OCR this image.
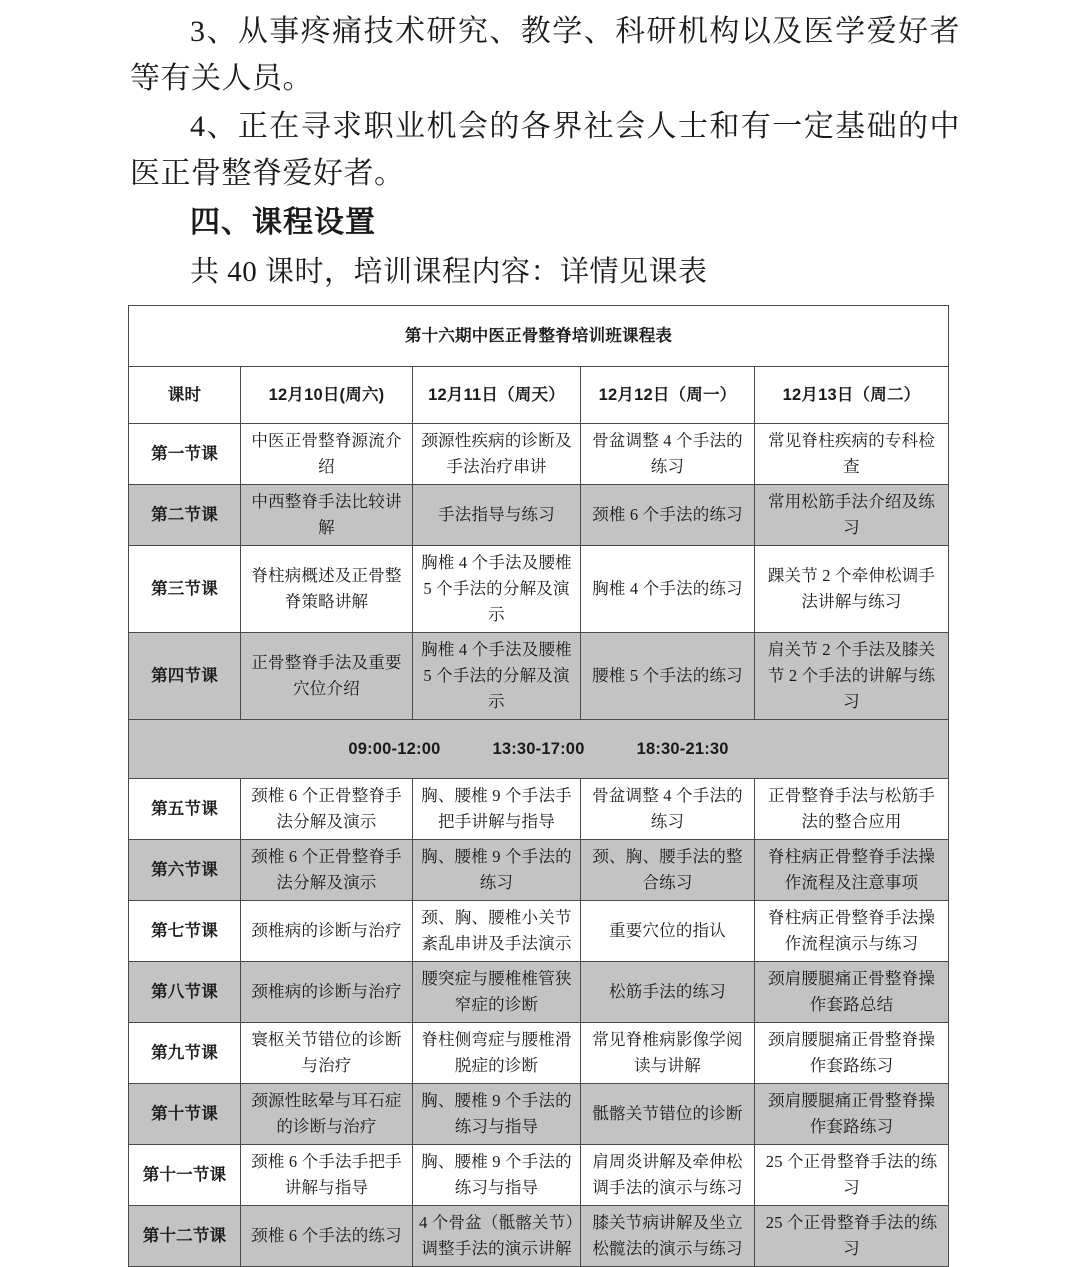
3、从事疼痛技术研究、教学、科研机构以及医学爱好者等有关人员。

4、正在寻求职业机会的各界社会人士和有一定基础的中医正骨整脊爱好者。

四、课程设置

共 40 课时，培训课程内容：详情见课表

第十六期中医正骨整脊培训班课程表				
课时	12月10日(周六)	12月11日（周天）	12月12日（周一）	12月13日（周二）
第一节课	中医正骨整脊源流介绍	颈源性疾病的诊断及手法治疗串讲	骨盆调整 4 个手法的练习	常见脊柱疾病的专科检查
第二节课	中西整脊手法比较讲解	手法指导与练习	颈椎 6 个手法的练习	常用松筋手法介绍及练习
第三节课	脊柱病概述及正骨整脊策略讲解	胸椎 4 个手法及腰椎 5 个手法的分解及演示	胸椎 4 个手法的练习	踝关节 2 个牵伸松调手法讲解与练习
第四节课	正骨整脊手法及重要穴位介绍	胸椎 4 个手法及腰椎 5 个手法的分解及演示	腰椎 5 个手法的练习	肩关节 2 个手法及膝关节 2 个手法的讲解与练习

09:00-12:00 13:30-17:00 18:30-21:30				

第五节课	颈椎 6 个正骨整脊手法分解及演示	胸、腰椎 9 个手法手把手讲解与指导	骨盆调整 4 个手法的练习	正骨整脊手法与松筋手法的整合应用
第六节课	颈椎 6 个正骨整脊手法分解及演示	胸、腰椎 9 个手法的练习	颈、胸、腰手法的整合练习	脊柱病正骨整脊手法操作流程及注意事项
第七节课	颈椎病的诊断与治疗	颈、胸、腰椎小关节紊乱串讲及手法演示	重要穴位的指认	脊柱病正骨整脊手法操作流程演示与练习
第八节课	颈椎病的诊断与治疗	腰突症与腰椎椎管狭窄症的诊断	松筋手法的练习	颈肩腰腿痛正骨整脊操作套路总结
第九节课	寰枢关节错位的诊断与治疗	脊柱侧弯症与腰椎滑脱症的诊断	常见脊椎病影像学阅读与讲解	颈肩腰腿痛正骨整脊操作套路练习
第十节课	颈源性眩晕与耳石症的诊断与治疗	胸、腰椎 9 个手法的练习与指导	骶髂关节错位的诊断	颈肩腰腿痛正骨整脊操作套路练习
第十一节课	颈椎 6 个手法手把手讲解与指导	胸、腰椎 9 个手法的练习与指导	肩周炎讲解及牵伸松调手法的演示与练习	25 个正骨整脊手法的练习
第十二节课	颈椎 6 个手法的练习	4 个骨盆（骶髂关节）调整手法的演示讲解	膝关节病讲解及坐立松髋法的演示与练习	25 个正骨整脊手法的练习
